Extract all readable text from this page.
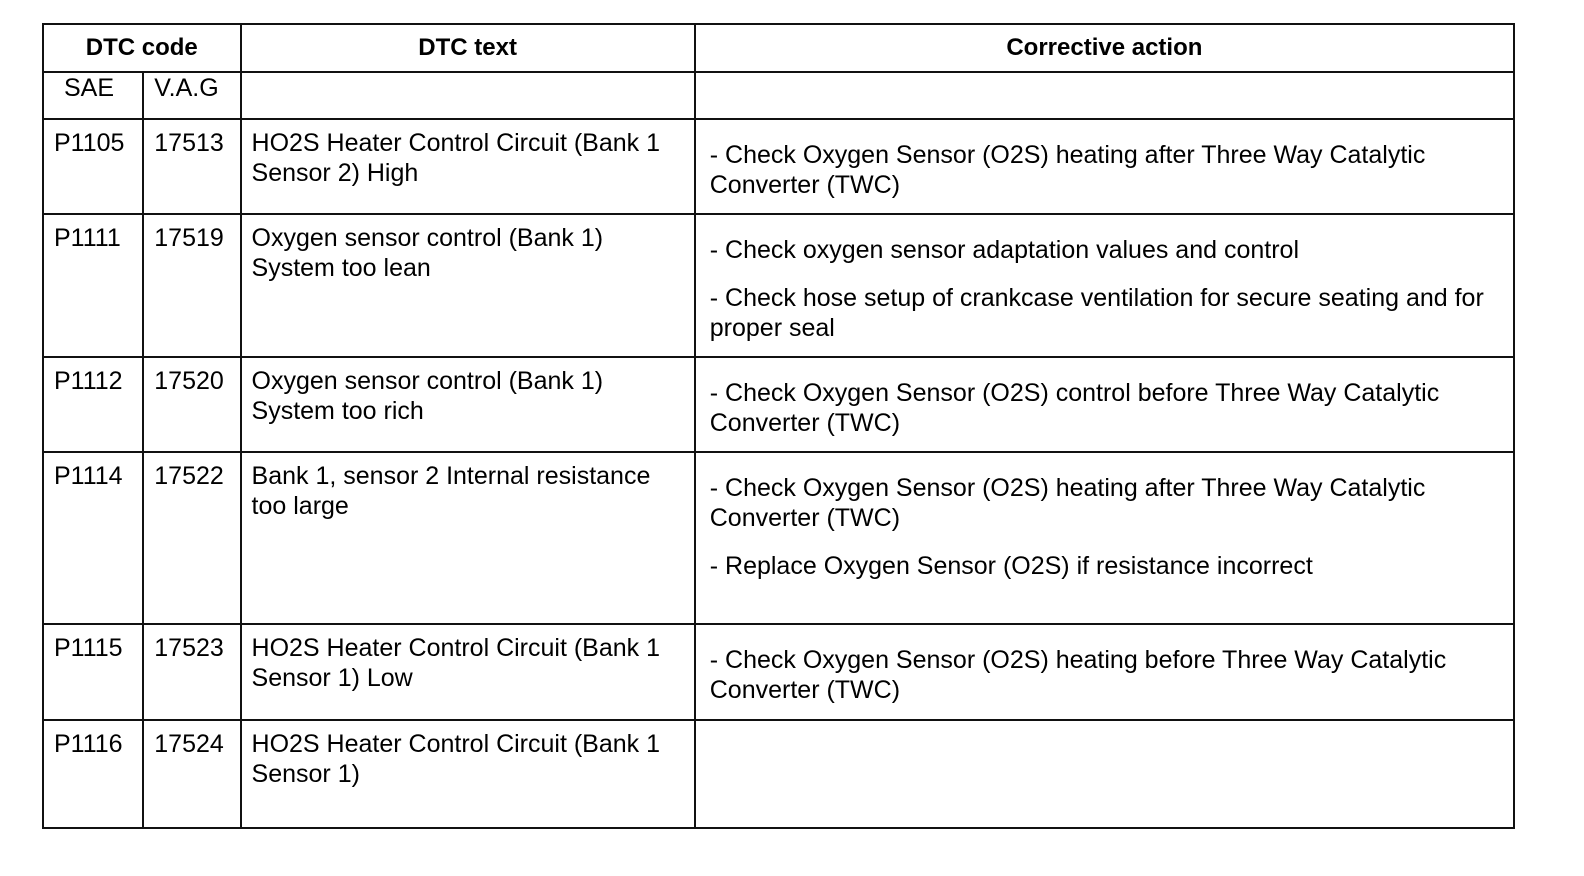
DTC code		DTC text	Corrective action

SAE	V.A.G		

P1105	17513	HO2S Heater Control Circuit (Bank 1 Sensor 2) High	- Check Oxygen Sensor (O2S) heating after Three Way Catalytic Converter (TWC)

P1111	17519	Oxygen sensor control (Bank 1) System too lean	- Check oxygen sensor adaptation values and control

- Check hose setup of crankcase ventilation for secure seating and for proper seal

P1112	17520	Oxygen sensor control (Bank 1) System too rich	- Check Oxygen Sensor (O2S) control before Three Way Catalytic Converter (TWC)

P1114	17522	Bank 1, sensor 2 Internal resistance too large	- Check Oxygen Sensor (O2S) heating after Three Way Catalytic Converter (TWC)

- Replace Oxygen Sensor (O2S) if resistance incorrect

P1115	17523	HO2S Heater Control Circuit (Bank 1 Sensor 1) Low	- Check Oxygen Sensor (O2S) heating before Three Way Catalytic Converter (TWC)

P1116	17524	HO2S Heater Control Circuit (Bank 1 Sensor 1)	
